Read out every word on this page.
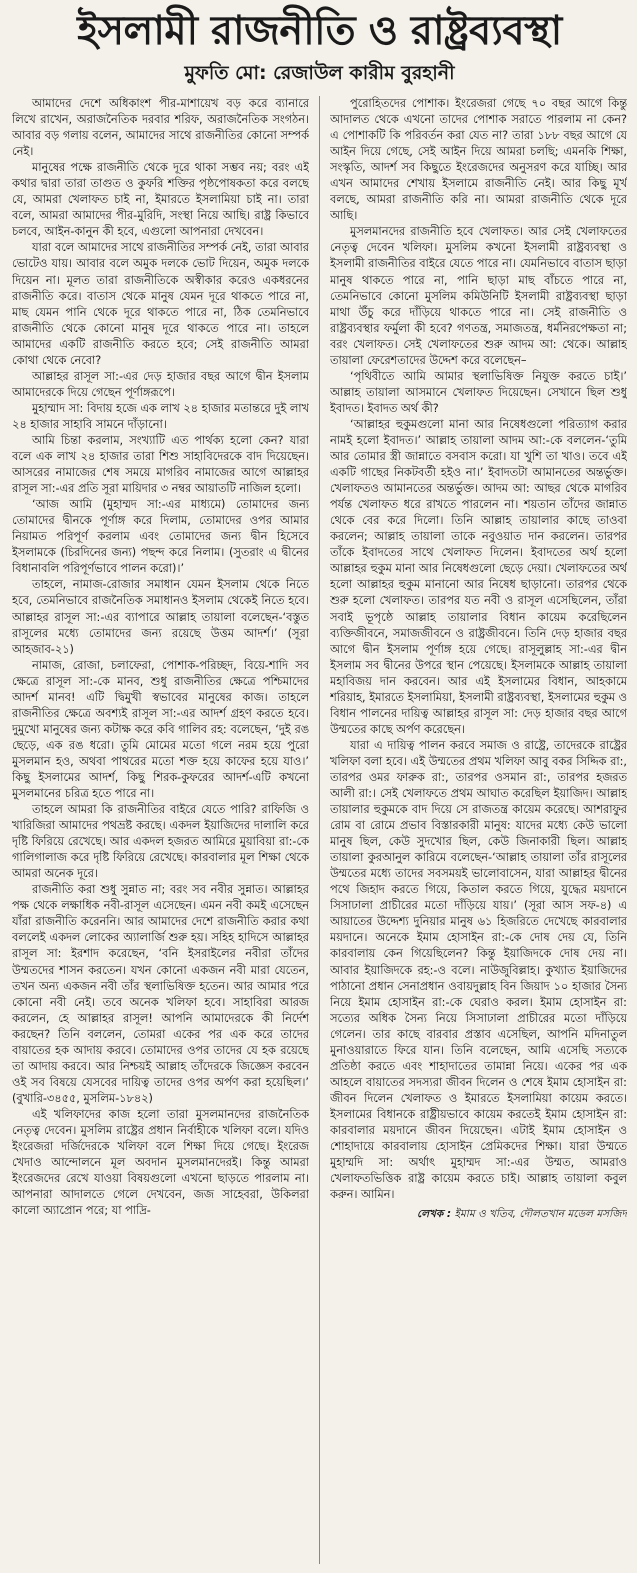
ইসলামী রাজনীতি ও রাষ্ট্রব্যবস্থা
মুফতি মো: রেজাউল কারীম বুরহানী

আমাদের দেশে অধিকাংশ পীর-মাশায়েখ বড় করে ব্যানারে লিখে রাখেন, অরাজনৈতিক দরবার শরিফ, অরাজনৈতিক সংগঠন। আবার বড় গলায় বলেন, আমাদের সাথে রাজনীতির কোনো সম্পর্ক নেই।

মানুষের পক্ষে রাজনীতি থেকে দূরে থাকা সম্ভব নয়; বরং এই কথার দ্বারা তারা তাগুত ও কুফরি শক্তির পৃষ্ঠপোষকতা করে বলছে যে, আমরা খেলাফত চাই না, ইমারতে ইসলামিয়া চাই না। তারা বলে, আমরা আমাদের পীর-মুরিদি, সংস্থা নিয়ে আছি। রাষ্ট্র কিভাবে চলবে, আইন-কানুন কী হবে, এগুলো আপনারা দেখবেন।

যারা বলে আমাদের সাথে রাজনীতির সম্পর্ক নেই, তারা আবার ভোটেও যায়। আবার বলে অমুক দলকে ভোট দিয়েন, অমুক দলকে দিয়েন না। মূলত তারা রাজনীতিকে অস্বীকার করেও একধরনের রাজনীতি করে। বাতাস থেকে মানুষ যেমন দূরে থাকতে পারে না, মাছ যেমন পানি থেকে দূরে থাকতে পারে না, ঠিক তেমনিভাবে রাজনীতি থেকে কোনো মানুষ দূরে থাকতে পারে না। তাহলে আমাদের একটি রাজনীতি করতে হবে; সেই রাজনীতি আমরা কোথা থেকে নেবো?

আল্লাহর রাসূল সা:-এর দেড় হাজার বছর আগে দ্বীন ইসলাম আমাদেরকে দিয়ে গেছেন পূর্ণাঙ্গরূপে।

মুহাম্মাদ সা: বিদায় হজে এক লাখ ২৪ হাজার মতান্তরে দুই লাখ ২৪ হাজার সাহাবি সামনে দাঁড়ানো।

আমি চিন্তা করলাম, সংখ্যাটি এত পার্থক্য হলো কেন? যারা বলে এক লাখ ২৪ হাজার তারা শিশু সাহাবিদেরকে বাদ দিয়েছেন। আসরের নামাজের শেষ সময়ে মাগরিব নামাজের আগে আল্লাহর রাসূল সা:-এর প্রতি সূরা মায়িদার ৩ নম্বর আয়াতটি নাজিল হলো।

‘আজ আমি (মুহাম্মদ সা:-এর মাধ্যমে) তোমাদের জন্য তোমাদের দ্বীনকে পূর্ণাঙ্গ করে দিলাম, তোমাদের ওপর আমার নিয়ামত পরিপূর্ণ করলাম এবং তোমাদের জন্য দ্বীন হিসেবে ইসলামকে (চিরদিনের জন্য) পছন্দ করে নিলাম। (সুতরাং এ দ্বীনের বিধানাবলি পরিপূর্ণভাবে পালন করো)।’

তাহলে, নামাজ-রোজার সমাধান যেমন ইসলাম থেকে নিতে হবে, তেমনিভাবে রাজনৈতিক সমাধানও ইসলাম থেকেই নিতে হবে। আল্লাহর রাসূল সা:-এর ব্যাপারে আল্লাহ তায়ালা বলেছেন-‘বস্তুত রাসূলের মধ্যে তোমাদের জন্য রয়েছে উত্তম আদর্শ।’ (সূরা আহজাব-২১)

নামাজ, রোজা, চলাফেরা, পোশাক-পরিচ্ছদ, বিয়ে-শাদি সব ক্ষেত্রে রাসূল সা:-কে মানব, শুধু রাজনীতির ক্ষেত্রে পশ্চিমাদের আদর্শ মানব! এটি দ্বিমুখী স্বভাবের মানুষের কাজ। তাহলে রাজনীতির ক্ষেত্রে অবশ্যই রাসূল সা:-এর আদর্শ গ্রহণ করতে হবে। দুমুখো মানুষের জন্য কটাক্ষ করে কবি গালিব রহ: বলেছেন, ‘দুই রঙ ছেড়ে, এক রঙ ধরো। তুমি মোমের মতো গলে নরম হয়ে পুরো মুসলমান হও, অথবা পাথরের মতো শক্ত হয়ে কাফের হয়ে যাও।’ কিছু ইসলামের আদর্শ, কিছু শিরক-কুফরের আদর্শ-এটি কখনো মুসলমানের চরিত্র হতে পারে না।

তাহলে আমরা কি রাজনীতির বাইরে যেতে পারি? রাফিজি ও খারিজিরা আমাদের পথভ্রষ্ট করছে। একদল ইয়াজিদের দালালি করে দৃষ্টি ফিরিয়ে রেখেছে। আর একদল হজরত আমিরে মুয়াবিয়া রা:-কে গালিগালাজ করে দৃষ্টি ফিরিয়ে রেখেছে। কারবালার মূল শিক্ষা থেকে আমরা অনেক দূরে।

রাজনীতি করা শুধু সুন্নাত না; বরং সব নবীর সুন্নাত। আল্লাহর পক্ষ থেকে লক্ষাধিক নবী-রাসূল এসেছেন। এমন নবী কমই এসেছেন যাঁরা রাজনীতি করেননি। আর আমাদের দেশে রাজনীতি করার কথা বললেই একদল লোকের অ্যালার্জি শুরু হয়। সহিহ হাদিসে আল্লাহর রাসূল সা: ইরশাদ করেছেন, ‘বনি ইসরাইলের নবীরা তাঁদের উম্মতদের শাসন করতেন। যখন কোনো একজন নবী মারা যেতেন, তখন অন্য একজন নবী তাঁর স্থলাভিষিক্ত হতেন। আর আমার পরে কোনো নবী নেই। তবে অনেক খলিফা হবে। সাহাবিরা আরজ করলেন, হে আল্লাহর রাসূল! আপনি আমাদেরকে কী নির্দেশ করছেন? তিনি বললেন, তোমরা একের পর এক করে তাদের বায়াতের হক আদায় করবে। তোমাদের ওপর তাদের যে হক রয়েছে তা আদায় করবে। আর নিশ্চয়ই আল্লাহ তাঁদেরকে জিজ্ঞেস করবেন ওই সব বিষয়ে যেসবের দায়িত্ব তাদের ওপর অর্পণ করা হয়েছিল।’ (বুখারি-৩৪৫৫, মুসলিম-১৮৪২)

এই খলিফাদের কাজ হলো তারা মুসলমানদের রাজনৈতিক নেতৃত্ব দেবেন। মুসলিম রাষ্ট্রের প্রধান নির্বাহীকে খলিফা বলে। যদিও ইংরেজরা দর্জিদেরকে খলিফা বলে শিক্ষা দিয়ে গেছে। ইংরেজ খেদাও আন্দোলনে মূল অবদান মুসলমানদেরই। কিন্তু আমরা ইংরেজদের রেখে যাওয়া বিষয়গুলো এখনো ছাড়তে পারলাম না। আপনারা আদালতে গেলে দেখবেন, জজ সাহেবরা, উকিলরা কালো অ্যাপ্রোন পরে; যা পাদ্রি-

পুরোহিতদের পোশাক। ইংরেজরা গেছে ৭০ বছর আগে কিন্তু আদালত থেকে এখনো তাদের পোশাক সরাতে পারলাম না কেন? এ পোশাকটি কি পরিবর্তন করা যেত না? তারা ১৮৮ বছর আগে যে আইন দিয়ে গেছে, সেই আইন দিয়ে আমরা চলছি; এমনকি শিক্ষা, সংস্কৃতি, আদর্শ সব কিছুতে ইংরেজদের অনুসরণ করে যাচ্ছি। আর এখন আমাদের শেখায় ইসলামে রাজনীতি নেই। আর কিছু মূর্খ বলছে, আমরা রাজনীতি করি না। আমরা রাজনীতি থেকে দূরে আছি।

মুসলমানদের রাজনীতি হবে খেলাফত। আর সেই খেলাফতের নেতৃত্ব দেবেন খলিফা। মুসলিম কখনো ইসলামী রাষ্ট্রব্যবস্থা ও ইসলামী রাজনীতির বাইরে যেতে পারে না। যেমনিভাবে বাতাস ছাড়া মানুষ থাকতে পারে না, পানি ছাড়া মাছ বাঁচতে পারে না, তেমনিভাবে কোনো মুসলিম কমিউনিটি ইসলামী রাষ্ট্রব্যবস্থা ছাড়া মাথা উঁচু করে দাঁড়িয়ে থাকতে পারে না। সেই রাজনীতি ও রাষ্ট্রব্যবস্থার ফর্মুলা কী হবে? গণতন্ত্র, সমাজতন্ত্র, ধর্মনিরপেক্ষতা না; বরং খেলাফত। সেই খেলাফতের শুরু আদম আ: থেকে। আল্লাহ তায়ালা ফেরেশতাদের উদ্দেশ করে বলেছেন–

‘পৃথিবীতে আমি আমার স্থলাভিষিক্ত নিযুক্ত করতে চাই।’ আল্লাহ তায়ালা আসমানে খেলাফত দিয়েছেন। সেখানে ছিল শুধু ইবাদত। ইবাদত অর্থ কী?

‘আল্লাহর হুকুমগুলো মানা আর নিষেধগুলো পরিত্যাগ করার নামই হলো ইবাদত।’ আল্লাহ তায়ালা আদম আ:-কে বললেন-‘তুমি আর তোমার স্ত্রী জান্নাতে বসবাস করো। যা খুশি তা খাও। তবে এই একটি গাছের নিকটবর্তী হইও না।’ ইবাদতটা আমানতের অন্তর্ভুক্ত। খেলাফতও আমানতের অন্তর্ভুক্ত। আদম আ: আছর থেকে মাগরিব পর্যন্ত খেলাফত ধরে রাখতে পারলেন না। শয়তান তাঁদের জান্নাত থেকে বের করে দিলো। তিনি আল্লাহ তায়ালার কাছে তাওবা করলেন; আল্লাহ তায়ালা তাকে নবুওয়াত দান করলেন। তারপর তাঁকে ইবাদতের সাথে খেলাফত দিলেন। ইবাদতের অর্থ হলো আল্লাহর হুকুম মানা আর নিষেধগুলো ছেড়ে দেয়া। খেলাফতের অর্থ হলো আল্লাহর হুকুম মানানো আর নিষেধ ছাড়ানো। তারপর থেকে শুরু হলো খেলাফত। তারপর যত নবী ও রাসূল এসেছিলেন, তাঁরা সবাই ভূপৃষ্ঠে আল্লাহ তায়ালার বিধান কায়েম করেছিলেন ব্যক্তিজীবনে, সমাজজীবনে ও রাষ্ট্রজীবনে। তিনি দেড় হাজার বছর আগে দ্বীন ইসলাম পূর্ণাঙ্গ হয়ে গেছে। রাসূলুল্লাহ সা:-এর দ্বীন ইসলাম সব দ্বীনের উপরে স্থান পেয়েছে। ইসলামকে আল্লাহ তায়ালা মহাবিজয় দান করবেন। আর এই ইসলামের বিধান, আহকামে শরিয়াহ, ইমারতে ইসলামিয়া, ইসলামী রাষ্ট্রব্যবস্থা, ইসলামের হুকুম ও বিধান পালনের দায়িত্ব আল্লাহর রাসূল সা: দেড় হাজার বছর আগে উম্মতের কাছে অর্পণ করেছেন।

যারা এ দায়িত্ব পালন করবে সমাজ ও রাষ্ট্রে, তাদেরকে রাষ্ট্রের খলিফা বলা হবে। এই উম্মতের প্রথম খলিফা আবু বকর সিদ্দিক রা:, তারপর ওমর ফারুক রা:, তারপর ওসমান রা:, তারপর হজরত আলী রা:। সেই খেলাফতে প্রথম আঘাত করেছিল ইয়াজিদ। আল্লাহ তায়ালার হুকুমকে বাদ দিয়ে সে রাজতন্ত্র কায়েম করেছে। আশরাফুর রোম বা রোমে প্রভাব বিস্তারকারী মানুষ: যাদের মধ্যে কেউ ভালো মানুষ ছিল, কেউ সুদখোর ছিল, কেউ জিনাকারী ছিল। আল্লাহ তায়ালা কুরআনুল কারিমে বলেছেন-‘আল্লাহ তায়ালা তাঁর রাসূলের উম্মতের মধ্যে তাদের সবসময়ই ভালোবাসেন, যারা আল্লাহর দ্বীনের পথে জিহাদ করতে গিয়ে, কিতাল করতে গিয়ে, যুদ্ধের ময়দানে সিসাঢালা প্রাচীরের মতো দাঁড়িয়ে যায়।’ (সূরা আস সফ-৪) এ আয়াতের উদ্দেশ্য দুনিয়ার মানুষ ৬১ হিজরিতে দেখেছে কারবালার ময়দানে। অনেকে ইমাম হোসাইন রা:-কে দোষ দেয় যে, তিনি কারবালায় কেন গিয়েছিলেন? কিন্তু ইয়াজিদকে দোষ দেয় না। আবার ইয়াজিদকে রহ:-ও বলে। নাউজুবিল্লাহ। কুখ্যাত ইয়াজিদের পাঠানো প্রধান সেনাপ্রধান ওবায়দুল্লাহ বিন জিয়াদ ১০ হাজার সৈন্য নিয়ে ইমাম হোসাইন রা:-কে ঘেরাও করল। ইমাম হোসাইন রা: সত্যের অধিক সৈন্য নিয়ে সিসাঢালা প্রাচীরের মতো দাঁড়িয়ে গেলেন। তার কাছে বারবার প্রস্তাব এসেছিল, আপনি মদিনাতুল মুনাওয়ারাতে ফিরে যান। তিনি বলেছেন, আমি এসেছি সত্যকে প্রতিষ্ঠা করতে এবং শাহাদাতের তামান্না নিয়ে। একের পর এক আহলে বায়াতের সদস্যরা জীবন দিলেন ও শেষে ইমাম হোসাইন রা: জীবন দিলেন খেলাফত ও ইমারতে ইসলামিয়া কায়েম করতে। ইসলামের বিধানকে রাষ্ট্রীয়ভাবে কায়েম করতেই ইমাম হোসাইন রা: কারবালার ময়দানে জীবন দিয়েছেন। এটাই ইমাম হোসাইন ও শোহাদায়ে কারবালায় হোসাইন প্রেমিকদের শিক্ষা। যারা উম্মতে মুহাম্মদি সা: অর্থাৎ মুহাম্মদ সা:-এর উম্মত, আমরাও খেলাফতভিত্তিক রাষ্ট্র কায়েম করতে চাই। আল্লাহ তায়ালা কবুল করুন। আমিন।

লেখক : ইমাম ও খতিব, দৌলতখান মডেল মসজিদ
